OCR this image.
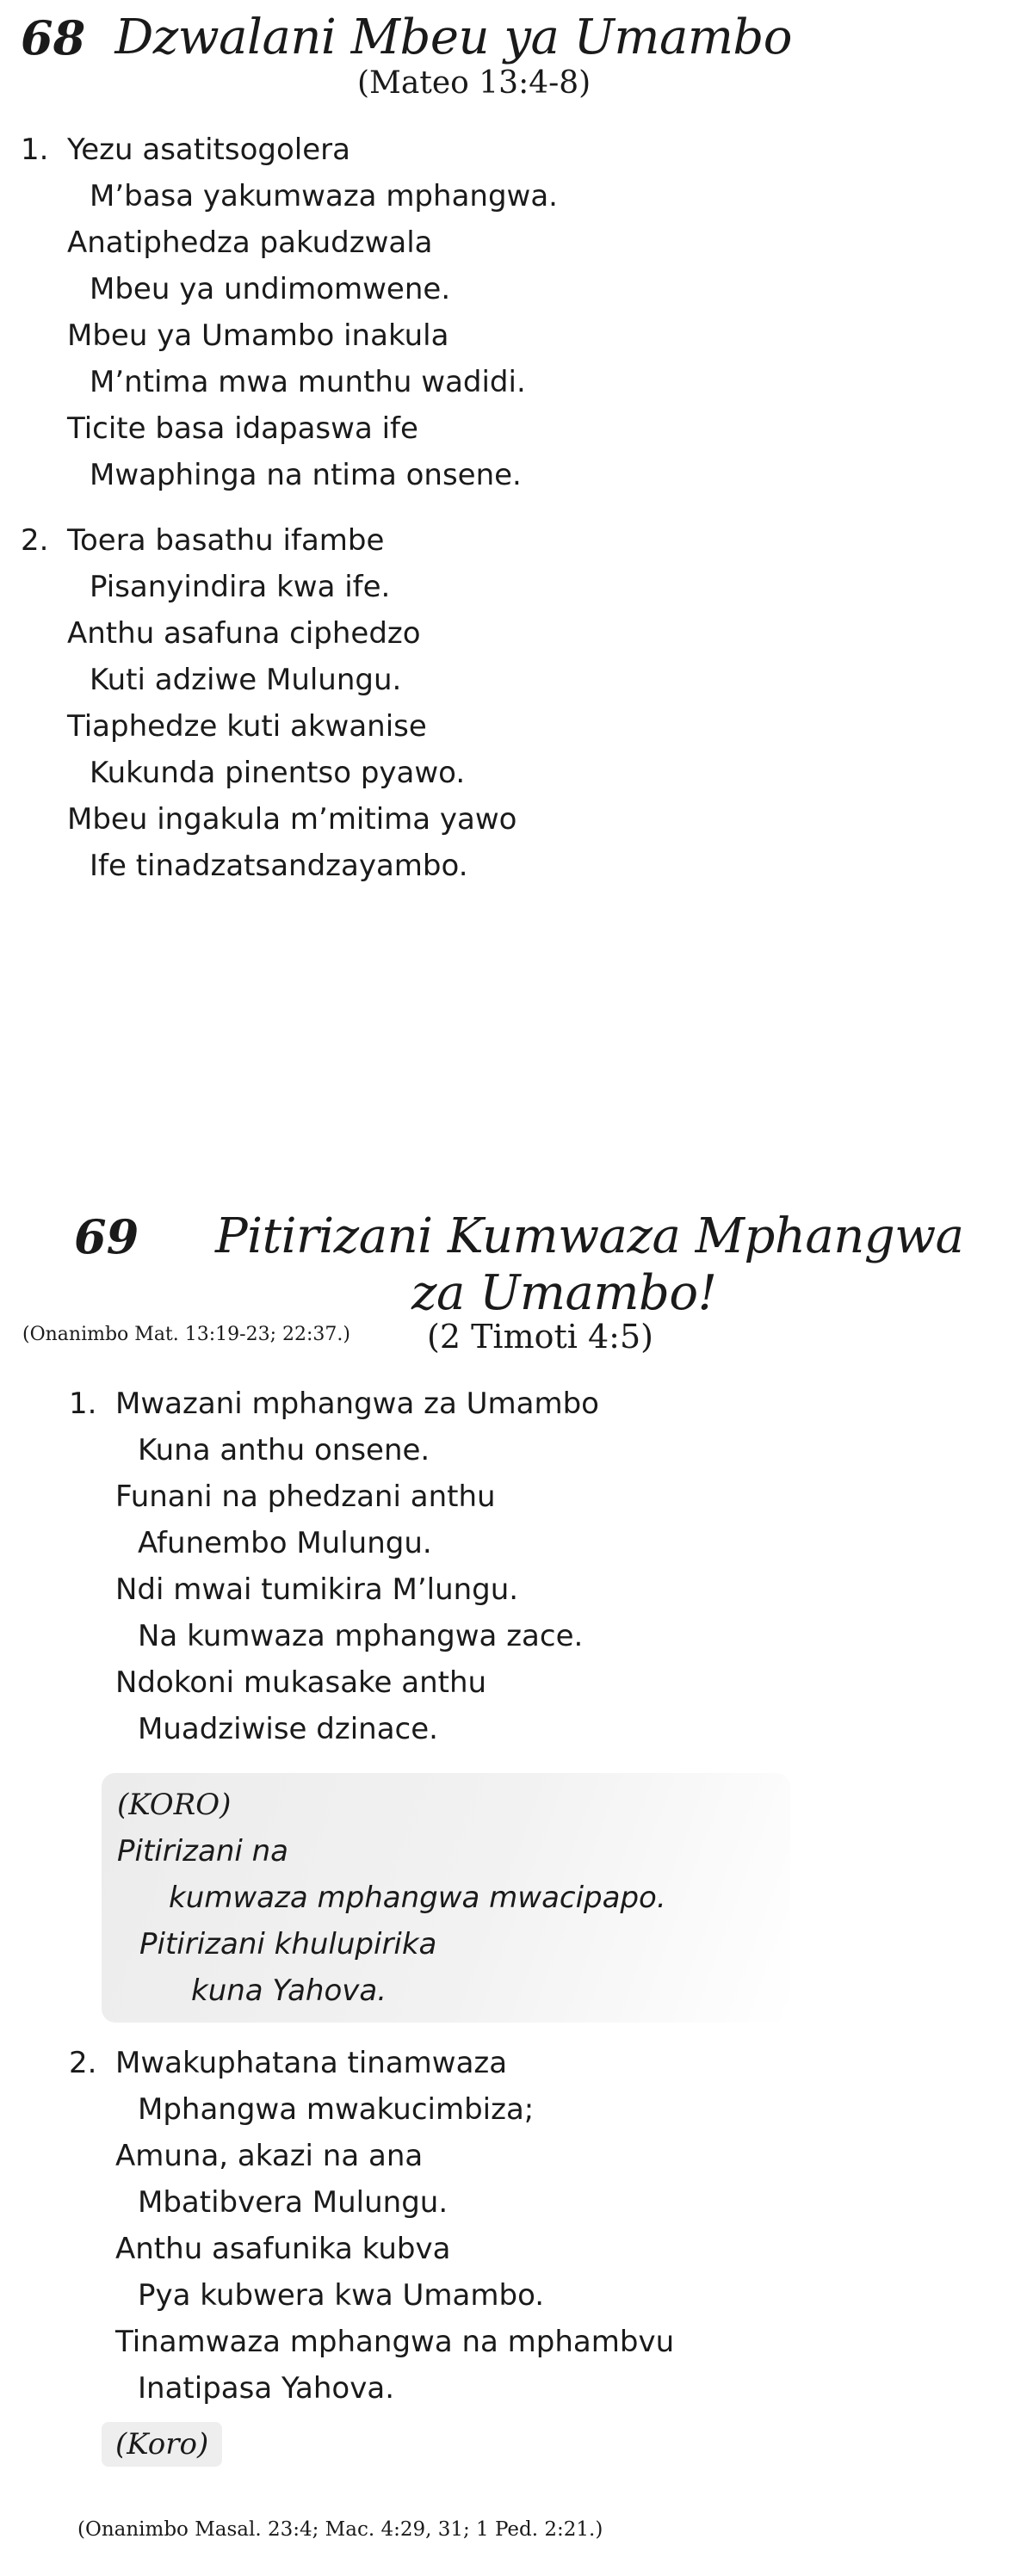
68 Dzwalani Mbeu ya Umambo
(Mateo 13:4-8)
1. Yezu asatitsogolera
M’basa yakumwaza mphangwa.
Anatiphedza pakudzwala
Mbeu ya undimomwene.
Mbeu ya Umambo inakula
M’ntima mwa munthu wadidi.
Ticite basa idapaswa ife
Mwaphinga na ntima onsene.
2. Toera basathu ifambe
Pisanyindira kwa ife.
Anthu asafuna ciphedzo
Kuti adziwe Mulungu.
Tiaphedze kuti akwanise
Kukunda pinentso pyawo.
Mbeu ingakula m’mitima yawo
Ife tinadzatsandzayambo.
69 Pitirizani Kumwaza Mphangwa
za Umambo!
(Onanimbo Mat. 13:19-23; 22:37.) (2 Timoti 4:5)
1. Mwazani mphangwa za Umambo
Kuna anthu onsene.
Funani na phedzani anthu
Afunembo Mulungu.
Ndi mwai tumikira M’lungu.
Na kumwaza mphangwa zace.
Ndokoni mukasake anthu
Muadziwise dzinace.
(KORO)
Pitirizani na
kumwaza mphangwa mwacipapo.
Pitirizani khulupirika
kuna Yahova.
2. Mwakuphatana tinamwaza
Mphangwa mwakucimbiza;
Amuna, akazi na ana
Mbatibvera Mulungu.
Anthu asafunika kubva
Pya kubwera kwa Umambo.
Tinamwaza mphangwa na mphambvu
Inatipasa Yahova.
(Koro)
(Onanimbo Masal. 23:4; Mac. 4:29, 31; 1 Ped. 2:21.)
